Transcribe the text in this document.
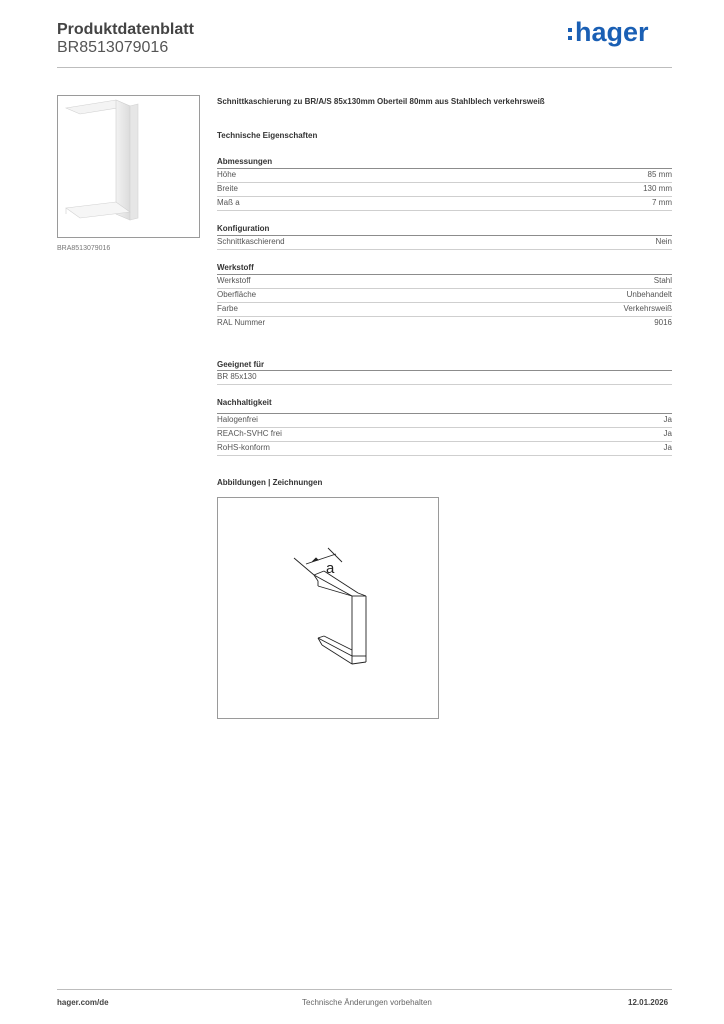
Produktdatenblatt
BR8513079016
hager
BRA8513079016
Schnittkaschierung zu BR/A/S 85x130mm Oberteil 80mm aus Stahlblech verkehrsweiß
Technische Eigenschaften
Abmessungen
Höhe	85 mm
Breite	130 mm
Maß a	7 mm
Konfiguration
Schnittkaschierend	Nein
Werkstoff
Werkstoff	Stahl
Oberfläche	Unbehandelt
Farbe	Verkehrsweiß
RAL Nummer	9016
Geeignet für
BR 85x130
Nachhaltigkeit
Halogenfrei	Ja
REACh-SVHC frei	Ja
RoHS-konform	Ja
Abbildungen | Zeichnungen
a
hager.com/de	Technische Änderungen vorbehalten	12.01.2026
